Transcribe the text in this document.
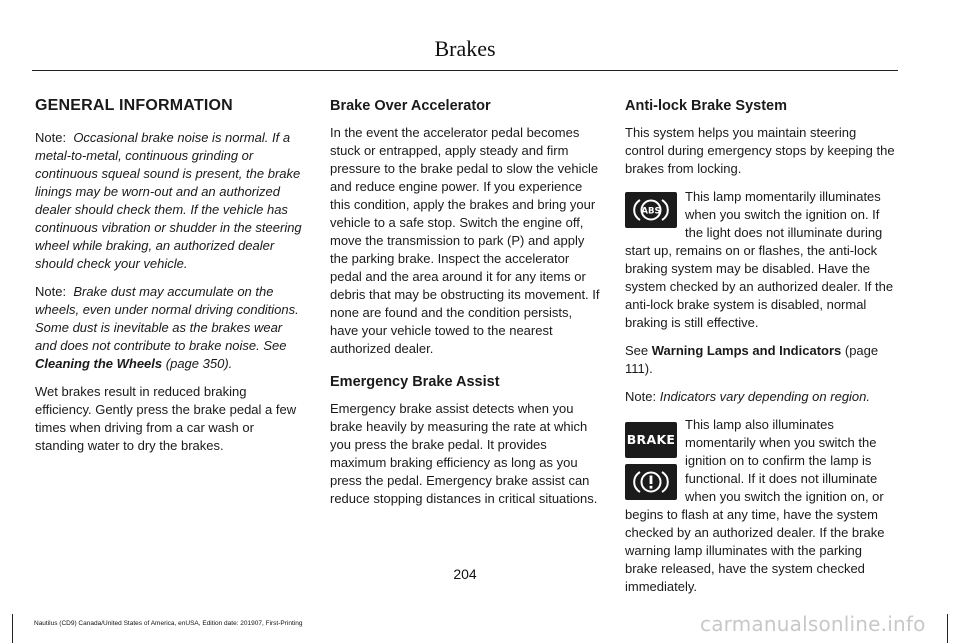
Brakes
GENERAL INFORMATION

Note: Occasional brake noise is normal. If a metal-to-metal, continuous grinding or continuous squeal sound is present, the brake linings may be worn-out and an authorized dealer should check them. If the vehicle has continuous vibration or shudder in the steering wheel while braking, an authorized dealer should check your vehicle.

Note: Brake dust may accumulate on the wheels, even under normal driving conditions. Some dust is inevitable as the brakes wear and does not contribute to brake noise. See Cleaning the Wheels (page 350).

Wet brakes result in reduced braking efficiency. Gently press the brake pedal a few times when driving from a car wash or standing water to dry the brakes.

Brake Over Accelerator

In the event the accelerator pedal becomes stuck or entrapped, apply steady and firm pressure to the brake pedal to slow the vehicle and reduce engine power. If you experience this condition, apply the brakes and bring your vehicle to a safe stop. Switch the engine off, move the transmission to park (P) and apply the parking brake. Inspect the accelerator pedal and the area around it for any items or debris that may be obstructing its movement. If none are found and the condition persists, have your vehicle towed to the nearest authorized dealer.

Emergency Brake Assist

Emergency brake assist detects when you brake heavily by measuring the rate at which you press the brake pedal. It provides maximum braking efficiency as long as you press the pedal. Emergency brake assist can reduce stopping distances in critical situations.

Anti-lock Brake System

This system helps you maintain steering control during emergency stops by keeping the brakes from locking.

ABS
This lamp momentarily illuminates when you switch the ignition on. If the light does not illuminate during start up, remains on or flashes, the anti-lock braking system may be disabled. Have the system checked by an authorized dealer. If the anti-lock brake system is disabled, normal braking is still effective.

See Warning Lamps and Indicators (page 111).

Note: Indicators vary depending on region.

BRAKE
This lamp also illuminates momentarily when you switch the ignition on to confirm the lamp is functional. If it does not illuminate when you switch the ignition on, or begins to flash at any time, have the system checked by an authorized dealer. If the brake warning lamp illuminates with the parking brake released, have the system checked immediately.
204
Nautilus (CD9) Canada/United States of America, enUSA, Edition date: 201907, First-Printing	carmanualsonline.info
